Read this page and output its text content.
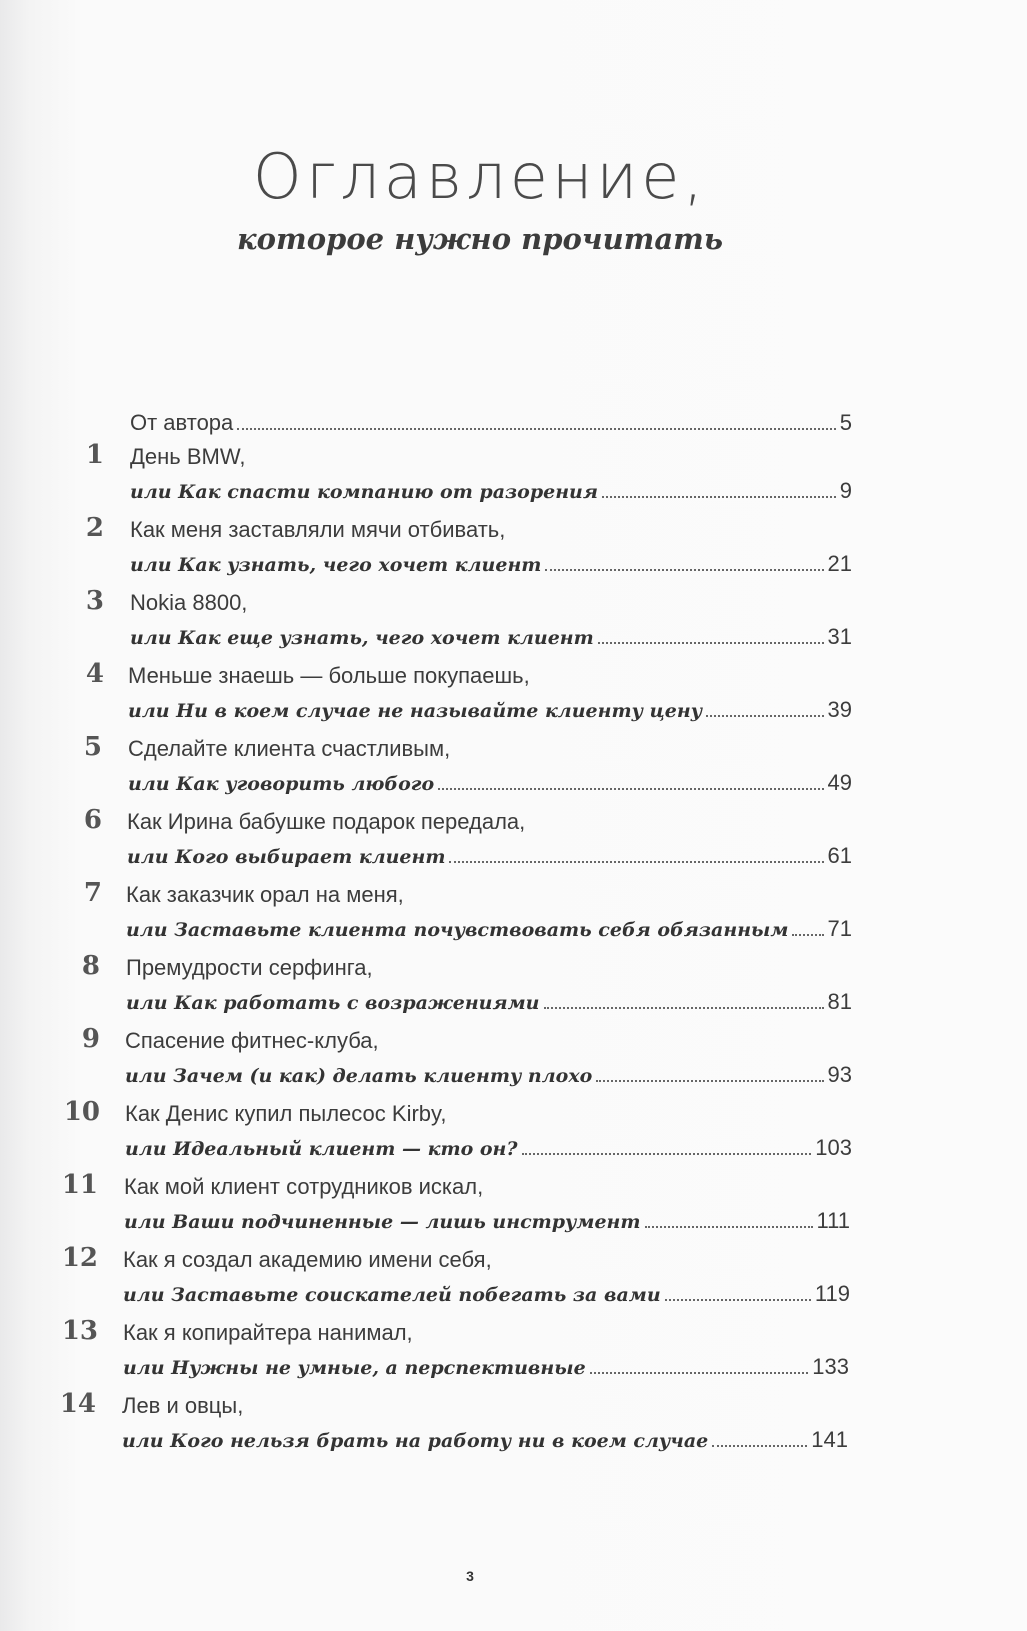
Оглавление,
которое нужно прочитать
От автора	5
1 День BMW,
или Как спасти компанию от разорения	9
2 Как меня заставляли мячи отбивать,
или Как узнать, чего хочет клиент	21
3 Nokia 8800,
или Как еще узнать, чего хочет клиент	31
4 Меньше знаешь — больше покупаешь,
или Ни в коем случае не называйте клиенту цену	39
5 Сделайте клиента счастливым,
или Как уговорить любого	49
6 Как Ирина бабушке подарок передала,
или Кого выбирает клиент	61
7 Как заказчик орал на меня,
или Заставьте клиента почувствовать себя обязанным 71
8 Премудрости серфинга,
или Как работать с возражениями	81
9 Спасение фитнес-клуба,
или Зачем (и как) делать клиенту плохо	93
10 Как Денис купил пылесос Kirby,
или Идеальный клиент — кто он?	103
11 Как мой клиент сотрудников искал,
или Ваши подчиненные — лишь инструмент	111
12 Как я создал академию имени себя,
или Заставьте соискателей побегать за вами	119
13 Как я копирайтера нанимал,
или Нужны не умные, а перспективные	133
14 Лев и овцы,
или Кого нельзя брать на работу ни в коем случае	141
3
